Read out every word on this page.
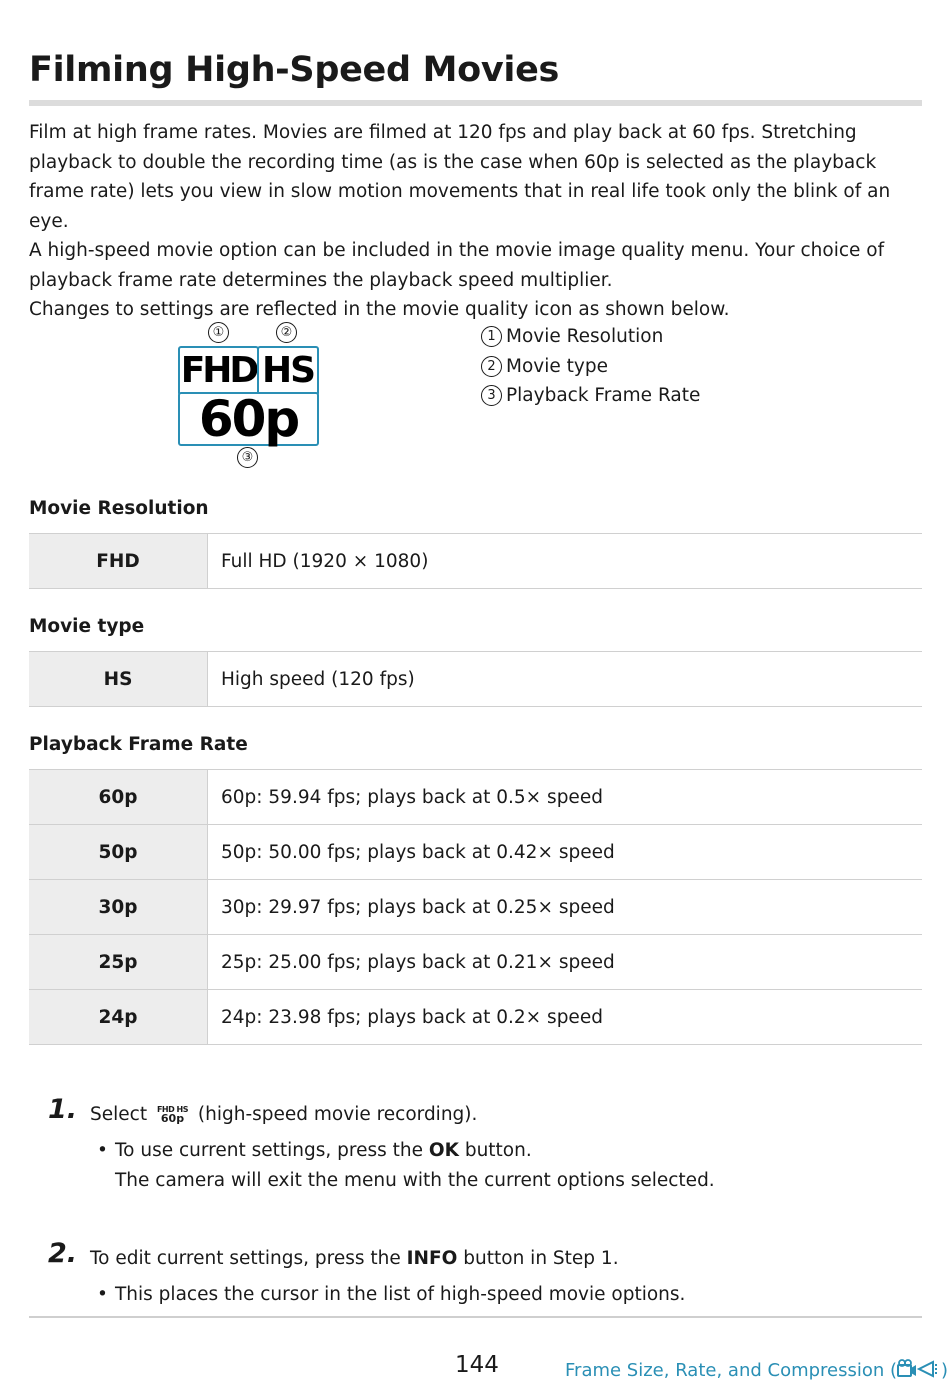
Filming High-Speed Movies

Film at high frame rates. Movies are filmed at 120 fps and play back at 60 fps. Stretching playback to double the recording time (as is the case when 60p is selected as the playback frame rate) lets you view in slow motion movements that in real life took only the blink of an eye.

A high-speed movie option can be included in the movie image quality menu. Your choice of playback frame rate determines the playback speed multiplier.

Changes to settings are reflected in the movie quality icon as shown below.

①	②
FHD HS
60p
③
1 Movie Resolution
2 Movie type
3 Playback Frame Rate
Movie Resolution
FHD	Full HD (1920 × 1080)
Movie type
HS	High speed (120 fps)
Playback Frame Rate
60p	60p: 59.94 fps; plays back at 0.5× speed
50p	50p: 50.00 fps; plays back at 0.42× speed
30p	30p: 29.97 fps; plays back at 0.25× speed
25p	25p: 25.00 fps; plays back at 0.21× speed
24p	24p: 23.98 fps; plays back at 0.2× speed
1. Select FHD HS
60p (high-speed movie recording).
• To use current settings, press the OK button.
The camera will exit the menu with the current options selected.
2. To edit current settings, press the INFO button in Step 1.
• This places the cursor in the list of high-speed movie options.
144	Frame Size, Rate, and Compression ( )
